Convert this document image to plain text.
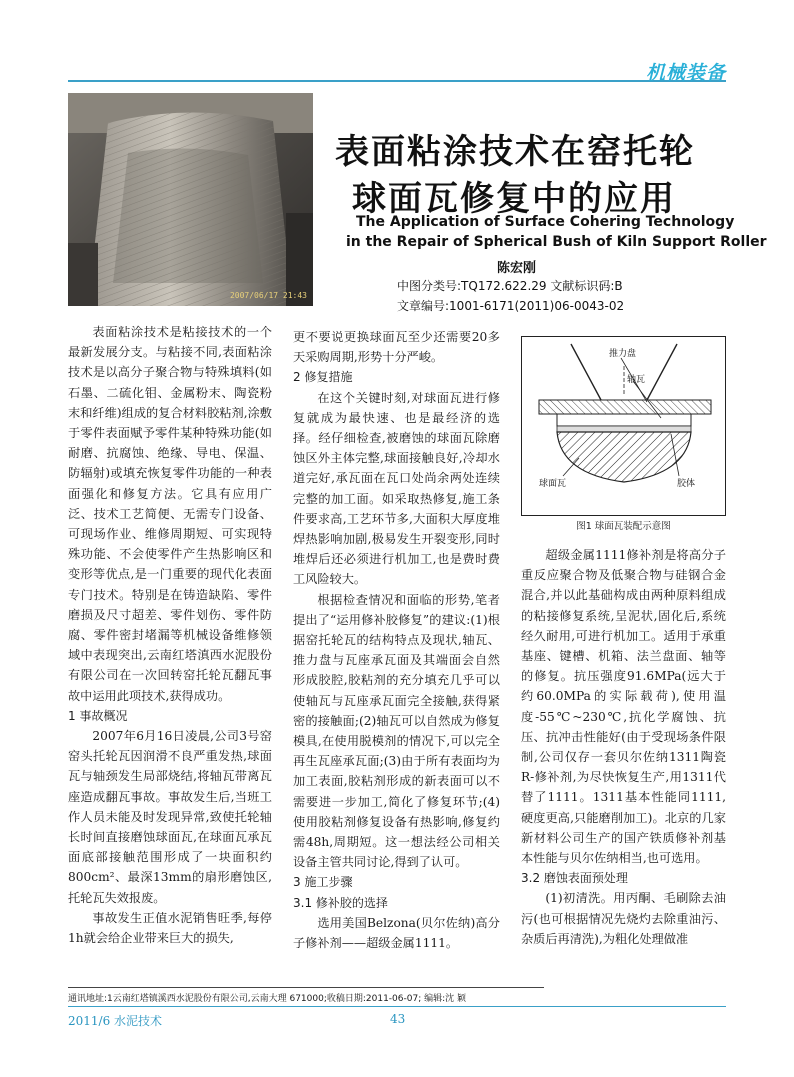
机械装备
2007/06/17 21:43
表面粘涂技术在窑托轮
球面瓦修复中的应用
The Application of Surface Cohering Technology
in the Repair of Spherical Bush of Kiln Support Roller
陈宏刚
中图分类号:TQ172.622.29 文献标识码:B
文章编号:1001-6171(2011)06-0043-02

表面粘涂技术是粘接技术的一个最新发展分支。与粘接不同,表面粘涂技术是以高分子聚合物与特殊填料(如石墨、二硫化钼、金属粉末、陶瓷粉末和纤维)组成的复合材料胶粘剂,涂敷于零件表面赋予零件某种特殊功能(如耐磨、抗腐蚀、绝缘、导电、保温、防辐射)或填充恢复零件功能的一种表面强化和修复方法。它具有应用广泛、技术工艺简便、无需专门设备、可现场作业、维修周期短、可实现特殊功能、不会使零件产生热影响区和变形等优点,是一门重要的现代化表面专门技术。特别是在铸造缺陷、零件磨损及尺寸超差、零件划伤、零件防腐、零件密封堵漏等机械设备维修领域中表现突出,云南红塔滇西水泥股份有限公司在一次回转窑托轮瓦翻瓦事故中运用此项技术,获得成功。

1 事故概况

2007年6月16日凌晨,公司3号窑窑头托轮瓦因润滑不良严重发热,球面瓦与轴颈发生局部烧结,将轴瓦带离瓦座造成翻瓦事故。事故发生后,当班工作人员未能及时发现异常,致使托轮轴长时间直接磨蚀球面瓦,在球面瓦承瓦面底部接触范围形成了一块面积约800cm²、最深13mm的扇形磨蚀区,托轮瓦失效报废。

事故发生正值水泥销售旺季,每停1h就会给企业带来巨大的损失,

更不要说更换球面瓦至少还需要20多天采购周期,形势十分严峻。

2 修复措施

在这个关键时刻,对球面瓦进行修复就成为最快速、也是最经济的选择。经仔细检查,被磨蚀的球面瓦除磨蚀区外主体完整,球面接触良好,冷却水道完好,承瓦面在瓦口处尚余两处连续完整的加工面。如采取热修复,施工条件要求高,工艺环节多,大面积大厚度堆焊热影响加剧,极易发生开裂变形,同时堆焊后还必须进行机加工,也是费时费工风险较大。

根据检查情况和面临的形势,笔者提出了“运用修补胶修复”的建议:(1)根据窑托轮瓦的结构特点及现状,轴瓦、推力盘与瓦座承瓦面及其端面会自然形成胶腔,胶粘剂的充分填充几乎可以使轴瓦与瓦座承瓦面完全接触,获得紧密的接触面;(2)轴瓦可以自然成为修复模具,在使用脱模剂的情况下,可以完全再生瓦座承瓦面;(3)由于所有表面均为加工表面,胶粘剂形成的新表面可以不需要进一步加工,简化了修复环节;(4)使用胶粘剂修复设备有热影响,修复约需48h,周期短。这一想法经公司相关设备主管共同讨论,得到了认可。

3 施工步骤

3.1 修补胶的选择

选用美国Belzona(贝尔佐纳)高分子修补剂——超级金属1111。

推力盘
轴瓦
球面瓦	胶体
图1 球面瓦装配示意图

超级金属1111修补剂是将高分子重反应聚合物及低聚合物与硅钢合金混合,并以此基础构成由两种原料组成的粘接修复系统,呈泥状,固化后,系统经久耐用,可进行机加工。适用于承重基座、键槽、机箱、法兰盘面、轴等的修复。抗压强度91.6MPa(远大于约60.0MPa的实际载荷),使用温度-55℃~230℃,抗化学腐蚀、抗压、抗冲击性能好(由于受现场条件限制,公司仅存一套贝尔佐纳1311陶瓷R-修补剂,为尽快恢复生产,用1311代替了1111。1311基本性能同1111,硬度更高,只能磨削加工)。北京的几家新材料公司生产的国产铁质修补剂基本性能与贝尔佐纳相当,也可选用。

3.2 磨蚀表面预处理

(1)初清洗。用丙酮、毛刷除去油污(也可根据情况先烧灼去除重油污、杂质后再清洗),为粗化处理做准

通讯地址:1云南红塔镇溪西水泥股份有限公司,云南大理 671000;收稿日期:2011-06-07; 编辑:沈 颖
2011/6 水泥技术	43
